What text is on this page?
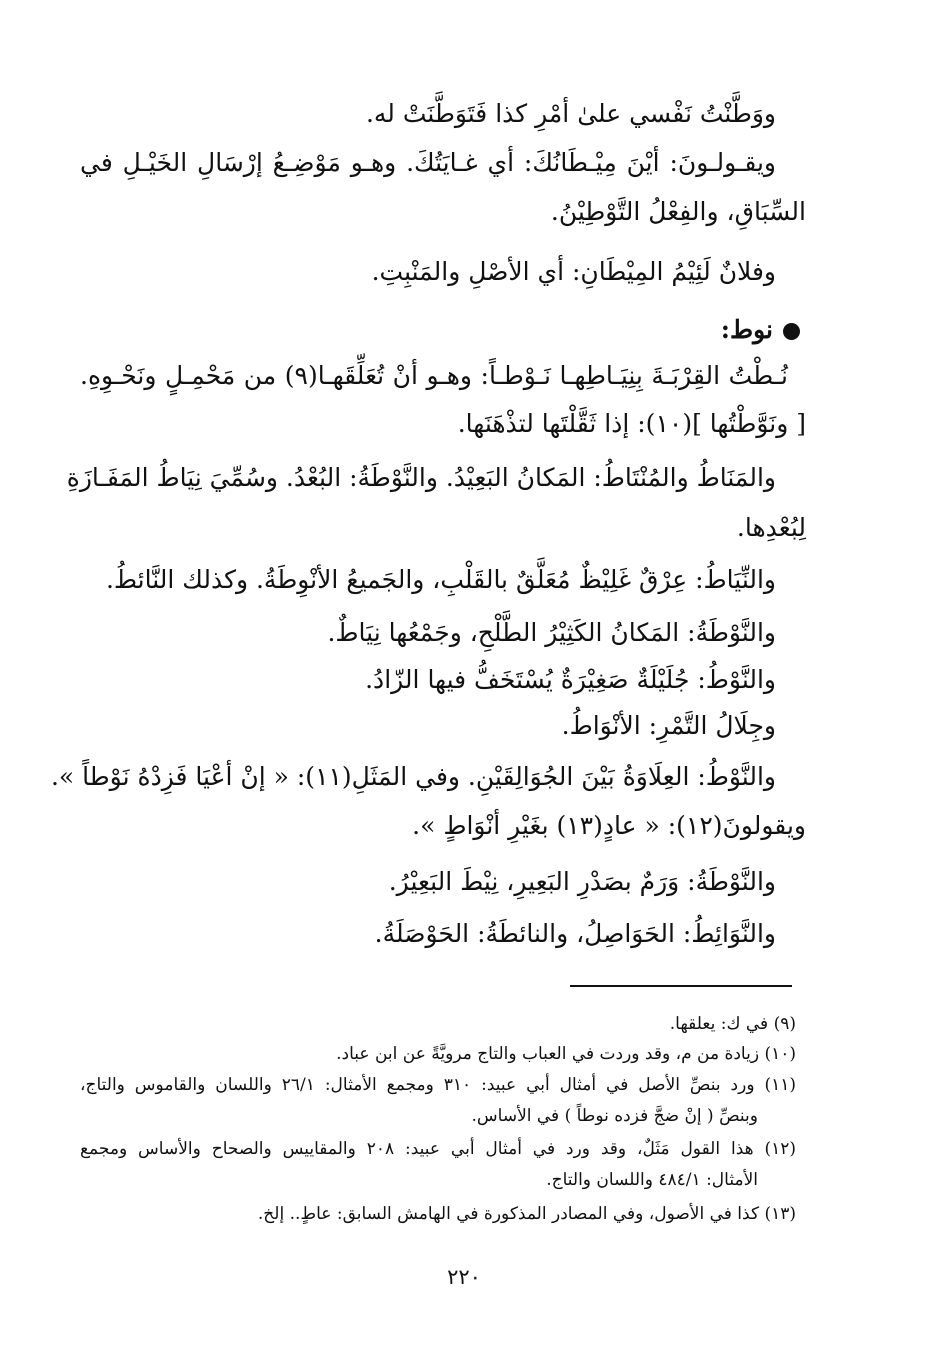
ووَطَّنْتُ نَفْسي علىٰ أمْرِ كذا فَتَوَطَّنَتْ له.
ويقـولـونَ: أيْنَ مِيْـطَانُكَ: أي غـايَتُكَ. وهـو مَوْضِـعُ إرْسَالِ الخَيْـلِ في
السِّبَاقِ، والفِعْلُ التَّوْطِيْنُ.
وفلانٌ لَئِيْمُ المِيْطَانِ: أي الأصْلِ والمَنْبِتِ.
نوط:
نُـطْتُ القِرْبَـةَ بِنِيَـاطِهـا نَـوْطـاً: وهـو أنْ تُعَلِّقَهـا(٩) من مَحْمِـلٍ ونَحْـوِهِ.
[ ونَوَّطْتُها ](١٠): إذا ثَقَّلْتَها لتذْهَنَها.
والمَنَاطُ والمُنْتَاطُ: المَكانُ البَعِيْدُ. والنَّوْطَةُ: البُعْدُ. وسُمِّيَ نِيَاطُ المَفَـازَةِ
لِبُعْدِها.
والنِّيَاطُ: عِرْقٌ غَلِيْظٌ مُعَلَّقٌ بالقَلْبِ، والجَميعُ الأنْوِطَةُ. وكذلك النَّائطُ.
والنَّوْطَةُ: المَكانُ الكَثِيْرُ الطَّلْحِ، وجَمْعُها نِيَاطٌ.
والنَّوْطُ: جُلَيْلَةٌ صَغِيْرَةٌ يُسْتَخَفُّ فيها الزّادُ.
وجِلَالُ التَّمْرِ: الأنْوَاطُ.
والنَّوْطُ: العِلَاوَةُ بَيْنَ الجُوَالِقَيْنِ. وفي المَثَلِ(١١): « إنْ أعْيَا فَزِدْهُ نَوْطاً ».
ويقولونَ(١٢): « عادٍ(١٣) بغَيْرِ أنْوَاطٍ ».
والنَّوْطَةُ: وَرَمٌ بصَدْرِ البَعِيرِ، نِيْطَ البَعِيْرُ.
والنَّوَائِطُ: الحَوَاصِلُ، والنائطَةُ: الحَوْصَلَةُ.
(٩) في ك: يعلقها.
(١٠) زيادة من م، وقد وردت في العباب والتاج مرويَّةً عن ابن عباد.
(١١) ورد بنصِّ الأصل في أمثال أبي عبيد: ٣١٠ ومجمع الأمثال: ٢٦/١ واللسان والقاموس والتاج،
وبنصِّ ( إنْ ضجَّ فزده نوطاً ) في الأساس.
(١٢) هذا القول مَثَلٌ، وقد ورد في أمثال أبي عبيد: ٢٠٨ والمقاييس والصحاح والأساس ومجمع
الأمثال: ٤٨٤/١ واللسان والتاج.
(١٣) كذا في الأصول، وفي المصادر المذكورة في الهامش السابق: عاطٍ.. إلخ.
٢٢٠
